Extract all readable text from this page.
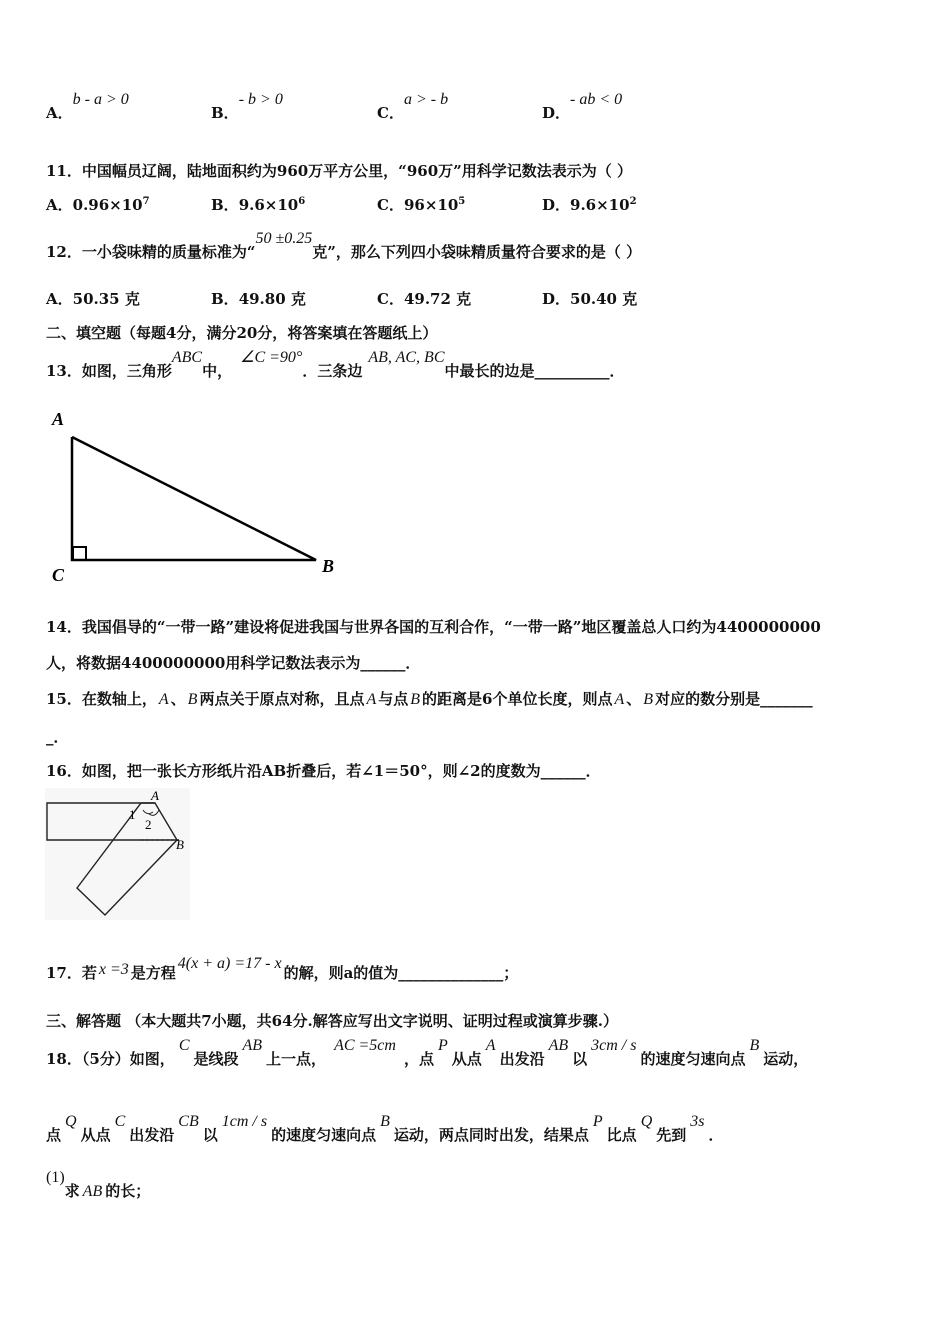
A．b - a > 0
B．- b > 0
C．a > - b
D．- ab < 0
11．中国幅员辽阔，陆地面积约为960万平方公里，“960万”用科学记数法表示为（ ）
A．$0.96\times 10^7$	B．$9.6\times 10^6$	C．$96\times 10^5$	D．$9.6\times 10^2$
12．一小袋味精的质量标准为“50 ±0.25克”，那么下列四小袋味精质量符合要求的是（ ）
A．50.35 克	B．49.80 克	C．49.72 克	D．50.40 克
二、填空题（每题4分，满分20分，将答案填在答题纸上）
13．如图，三角形ABC中，∠C =90°．三条边AB, AC, BC中最长的边是__________．
A
C	B
14．我国倡导的“一带一路”建设将促进我国与世界各国的互利合作，“一带一路”地区覆盖总人口约为4400000000
人，将数据4400000000用科学记数法表示为______．
15．在数轴上， A 、 B 两点关于原点对称，且点 A 与点 B 的距离是6个单位长度，则点 A 、 B 对应的数分别是_______
_．
16．如图，把一张长方形纸片沿AB折叠后，若∠1＝50°，则∠2的度数为______．
A
B
1
2
17．若 x =3 是方程4(x + a) =17 - x的解，则a的值为______________；
三、解答题 （本大题共7小题，共64分.解答应写出文字说明、证明过程或演算步骤.）
18．（5分）如图，C是线段AB上一点，AC =5cm，点P从点A出发沿AB以3cm / s的速度匀速向点B运动，
点Q从点C出发沿CB以1cm / s的速度匀速向点B运动，两点同时出发，结果点P比点Q先到3s．
(1)求 AB 的长；
